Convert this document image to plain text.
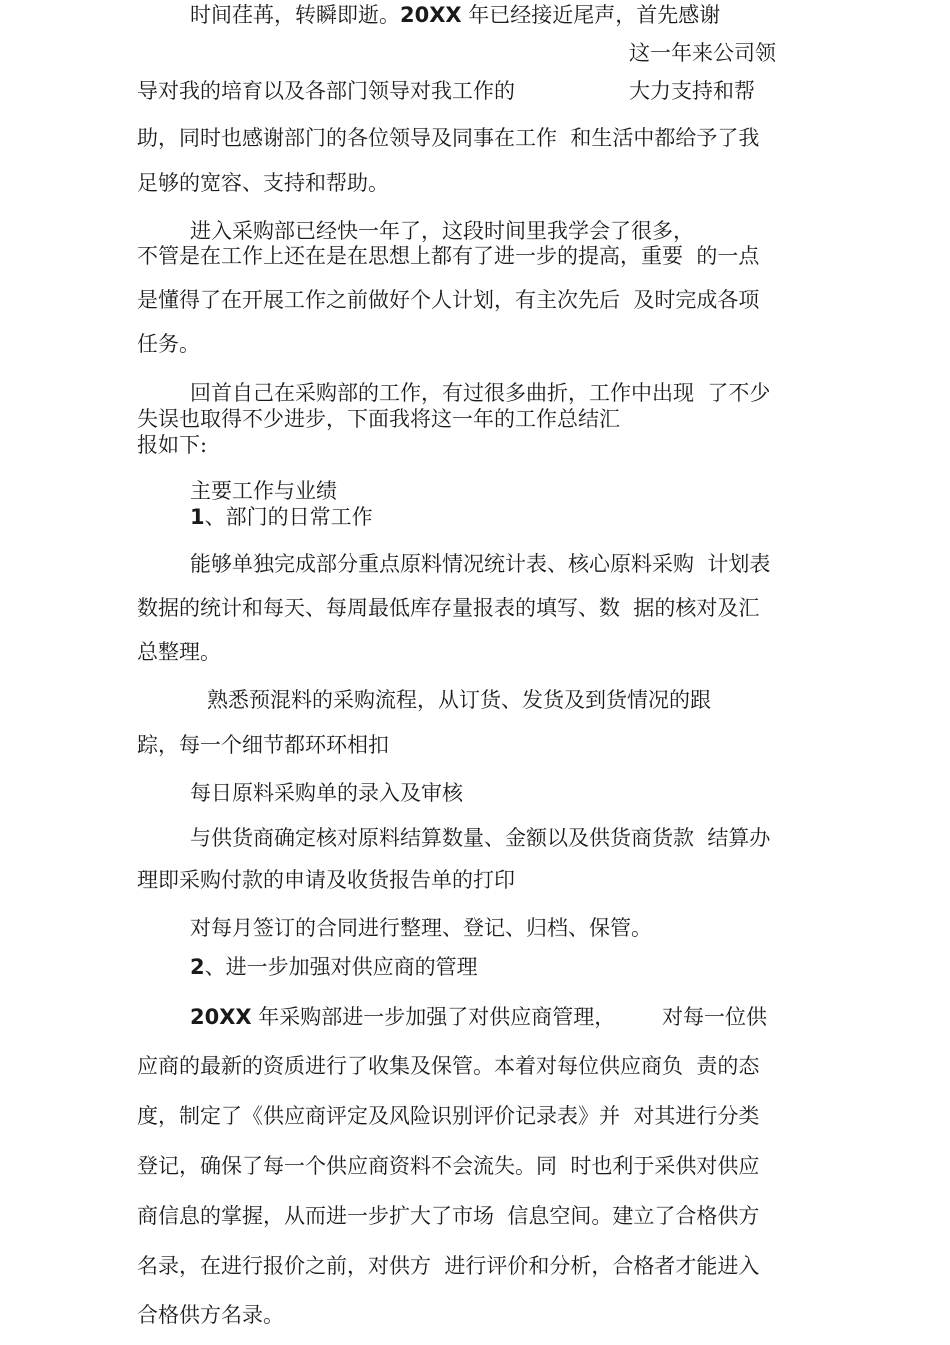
时间荏苒，转瞬即逝。20XX 年已经接近尾声，首先感谢
这一年来公司领
导对我的培育以及各部门领导对我工作的	大力支持和帮
助，同时也感谢部门的各位领导及同事在工作  和生活中都给予了我
足够的宽容、支持和帮助。
进入采购部已经快一年了，这段时间里我学会了很多，
不管是在工作上还在是在思想上都有了进一步的提高，重要  的一点
是懂得了在开展工作之前做好个人计划，有主次先后  及时完成各项
任务。
回首自己在采购部的工作，有过很多曲折，工作中出现  了不少
失误也取得不少进步，下面我将这一年的工作总结汇
报如下:
主要工作与业绩
1、部门的日常工作
能够单独完成部分重点原料情况统计表、核心原料采购  计划表
数据的统计和每天、每周最低库存量报表的填写、数  据的核对及汇
总整理。
熟悉预混料的采购流程，从订货、发货及到货情况的跟
踪，每一个细节都环环相扣
每日原料采购单的录入及审核
与供货商确定核对原料结算数量、金额以及供货商货款  结算办
理即采购付款的申请及收货报告单的打印
对每月签订的合同进行整理、登记、归档、保管。
2、进一步加强对供应商的管理
20XX 年采购部进一步加强了对供应商管理，       对每一位供
应商的最新的资质进行了收集及保管。本着对每位供应商负  责的态
度，制定了《供应商评定及风险识别评价记录表》并  对其进行分类
登记，确保了每一个供应商资料不会流失。同  时也利于采供对供应
商信息的掌握，从而进一步扩大了市场  信息空间。建立了合格供方
名录，在进行报价之前，对供方  进行评价和分析，合格者才能进入
合格供方名录。
